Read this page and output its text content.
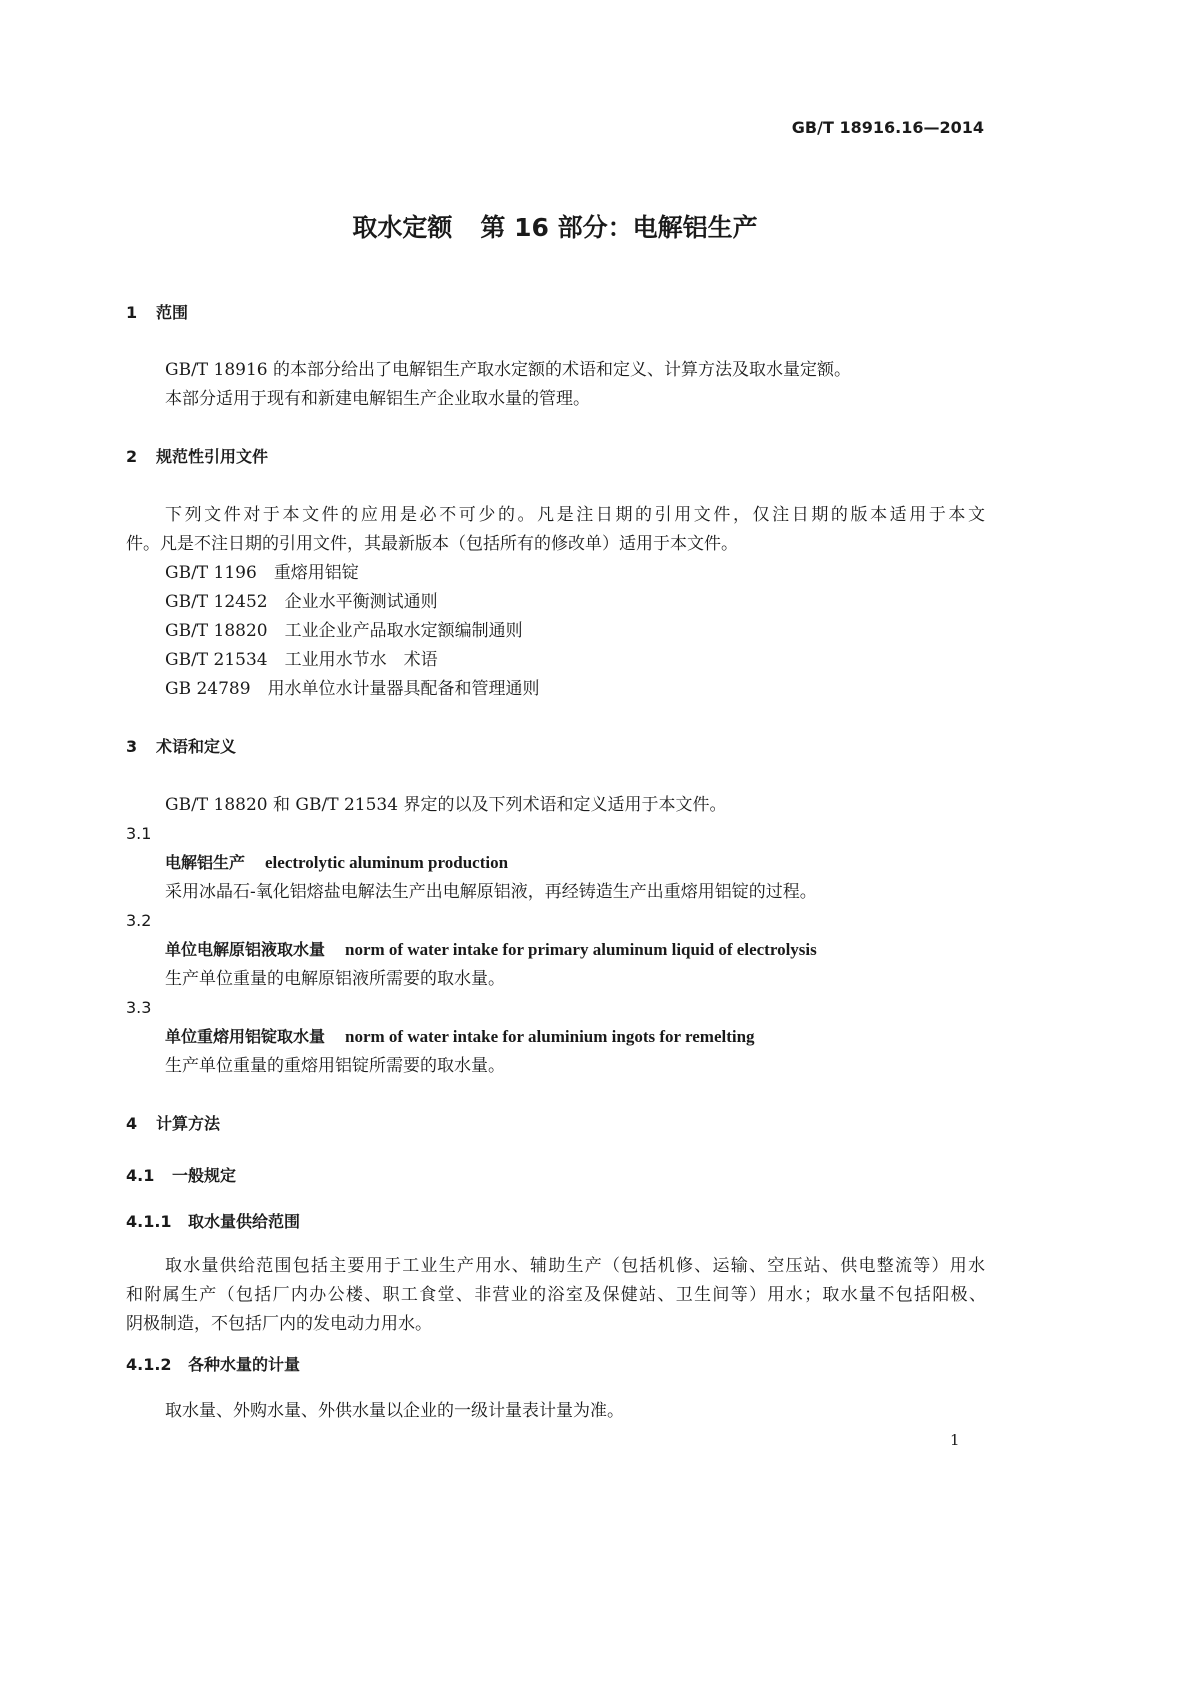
GB/T 18916.16—2014
取水定额 第 16 部分：电解铝生产
1 范围
GB/T 18916 的本部分给出了电解铝生产取水定额的术语和定义、计算方法及取水量定额。
本部分适用于现有和新建电解铝生产企业取水量的管理。
2 规范性引用文件
下列文件对于本文件的应用是必不可少的。凡是注日期的引用文件，仅注日期的版本适用于本文
件。凡是不注日期的引用文件，其最新版本（包括所有的修改单）适用于本文件。
GB/T 1196　 重熔用铝锭
GB/T 12452　 企业水平衡测试通则
GB/T 18820　 工业企业产品取水定额编制通则
GB/T 21534　 工业用水节水　术语
GB 24789　 用水单位水计量器具配备和管理通则
3 术语和定义
GB/T 18820 和 GB/T 21534 界定的以及下列术语和定义适用于本文件。
3.1
电解铝生产 electrolytic aluminum production
采用冰晶石-氧化铝熔盐电解法生产出电解原铝液，再经铸造生产出重熔用铝锭的过程。
3.2
单位电解原铝液取水量 norm of water intake for primary aluminum liquid of electrolysis
生产单位重量的电解原铝液所需要的取水量。
3.3
单位重熔用铝锭取水量 norm of water intake for aluminium ingots for remelting
生产单位重量的重熔用铝锭所需要的取水量。
4 计算方法
4.1 一般规定
4.1.1 取水量供给范围
取水量供给范围包括主要用于工业生产用水、辅助生产（包括机修、运输、空压站、供电整流等）用水
和附属生产（包括厂内办公楼、职工食堂、非营业的浴室及保健站、卫生间等）用水；取水量不包括阳极、
阴极制造，不包括厂内的发电动力用水。
4.1.2 各种水量的计量
取水量、外购水量、外供水量以企业的一级计量表计量为准。
1
